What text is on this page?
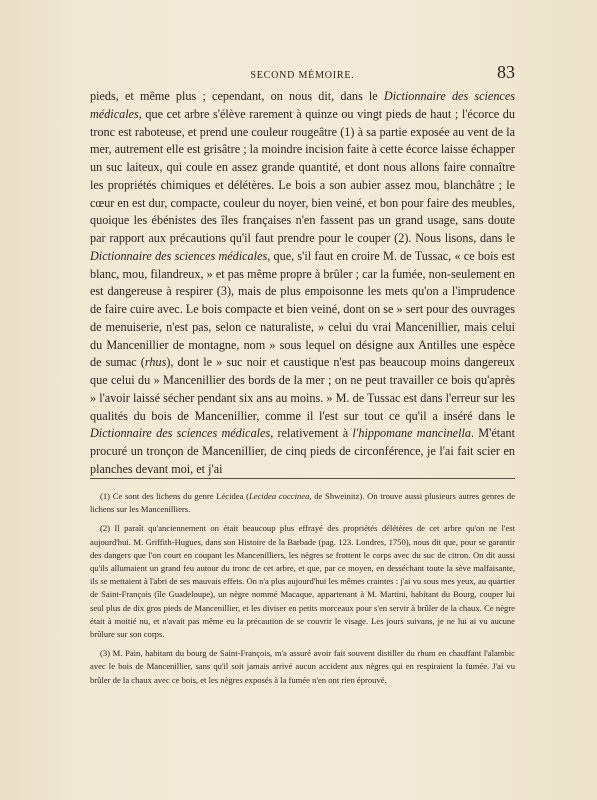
SECOND MÉMOIRE.	83

pieds, et même plus ; cependant, on nous dit, dans le Dictionnaire des sciences médicales, que cet arbre s'élève rarement à quinze ou vingt pieds de haut ; l'écorce du tronc est raboteuse, et prend une couleur rougeâtre (1) à sa partie exposée au vent de la mer, autrement elle est grisâtre ; la moindre incision faite à cette écorce laisse échapper un suc laiteux, qui coule en assez grande quantité, et dont nous allons faire connaître les propriétés chimiques et délétères. Le bois a son aubier assez mou, blanchâtre ; le cœur en est dur, compacte, couleur du noyer, bien veiné, et bon pour faire des meubles, quoique les ébénistes des îles françaises n'en fassent pas un grand usage, sans doute par rapport aux précautions qu'il faut prendre pour le couper (2). Nous lisons, dans le Dictionnaire des sciences médicales, que, s'il faut en croire M. de Tussac, « ce bois est blanc, mou, filandreux, » et pas même propre à brûler ; car la fumée, non-seulement en est dangereuse à respirer (3), mais de plus empoisonne les mets qu'on a l'imprudence de faire cuire avec. Le bois compacte et bien veiné, dont on se » sert pour des ouvrages de menuiserie, n'est pas, selon ce naturaliste, » celui du vrai Mancenillier, mais celui du Mancenillier de montagne, nom » sous lequel on désigne aux Antilles une espèce de sumac (rhus), dont le » suc noir et caustique n'est pas beaucoup moins dangereux que celui du » Mancenillier des bords de la mer ; on ne peut travailler ce bois qu'après » l'avoir laissé sécher pendant six ans au moins. » M. de Tussac est dans l'erreur sur les qualités du bois de Mancenillier, comme il l'est sur tout ce qu'il a inséré dans le Dictionnaire des sciences médicales, relativement à l'hippomane mancinella. M'étant procuré un tronçon de Mancenillier, de cinq pieds de circonférence, je l'ai fait scier en planches devant moi, et j'ai

(1) Ce sont des lichens du genre Lécidea (Lecidea coccinea, de Shweinitz). On trouve aussi plusieurs autres genres de lichens sur les Mancenilliers.

(2) Il paraît qu'anciennement on était beaucoup plus effrayé des propriétés délétères de cet arbre qu'on ne l'est aujourd'hui. M. Griffith-Hugues, dans son Histoire de la Barbade (pag. 123. Londres, 1750), nous dit que, pour se garantir des dangers que l'on court en coupant les Mancenilliers, les nègres se frottent le corps avec du suc de citron. On dit aussi qu'ils allumaient un grand feu autour du tronc de cet arbre, et que, par ce moyen, en desséchant toute la sève malfaisante, ils se mettaient à l'abri de ses mauvais effets. On n'a plus aujourd'hui les mêmes craintes : j'ai vu sous mes yeux, au quartier de Saint-François (île Guadeloupe), un nègre nommé Macaque, appartenant à M. Martini, habitant du Bourg, couper lui seul plus de dix gros pieds de Mancenillier, et les diviser en petits morceaux pour s'en servir à brûler de la chaux. Ce nègre était à moitié nu, et n'avait pas même eu la précaution de se couvrir le visage. Les jours suivans, je ne lui ai vu aucune brûlure sur son corps.

(3) M. Pain, habitant du bourg de Saint-François, m'a assuré avoir fait souvent distiller du rhum en chauffant l'alambic avec le bois de Mancenillier, sans qu'il soit jamais arrivé aucun accident aux nègres qui en respiraient la fumée. J'ai vu brûler de la chaux avec ce bois, et les nègres exposés à la fumée n'en ont rien éprouvé.
